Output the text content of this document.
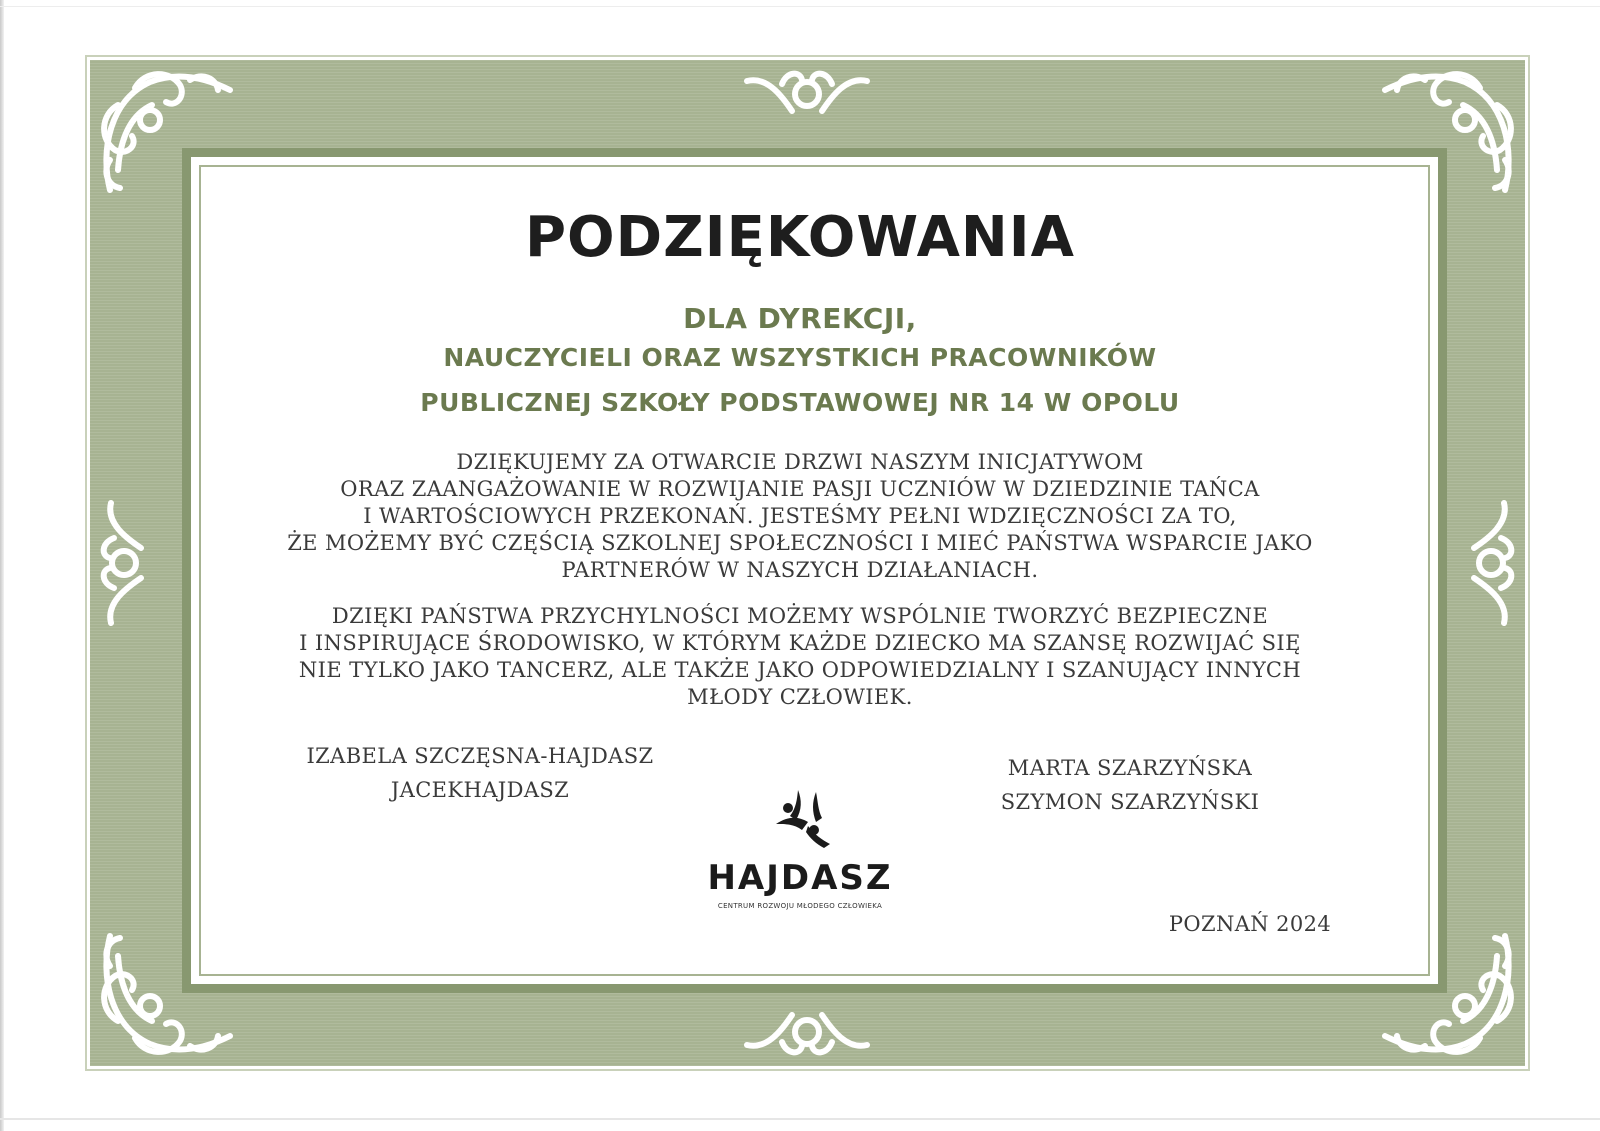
PODZIĘKOWANIA
DLA DYREKCJI,
NAUCZYCIELI ORAZ WSZYSTKICH PRACOWNIKÓW
PUBLICZNEJ SZKOŁY PODSTAWOWEJ NR 14 W OPOLU
DZIĘKUJEMY ZA OTWARCIE DRZWI NASZYM INICJATYWOM
ORAZ ZAANGAŻOWANIE W ROZWIJANIE PASJI UCZNIÓW W DZIEDZINIE TAŃCA
I WARTOŚCIOWYCH PRZEKONAŃ. JESTEŚMY PEŁNI WDZIĘCZNOŚCI ZA TO,
ŻE MOŻEMY BYĆ CZĘŚCIĄ SZKOLNEJ SPOŁECZNOŚCI I MIEĆ PAŃSTWA WSPARCIE JAKO
PARTNERÓW W NASZYCH DZIAŁANIACH.
DZIĘKI PAŃSTWA PRZYCHYLNOŚCI MOŻEMY WSPÓLNIE TWORZYĆ BEZPIECZNE
I INSPIRUJĄCE ŚRODOWISKO, W KTÓRYM KAŻDE DZIECKO MA SZANSĘ ROZWIJAĆ SIĘ
NIE TYLKO JAKO TANCERZ, ALE TAKŻE JAKO ODPOWIEDZIALNY I SZANUJĄCY INNYCH
MŁODY CZŁOWIEK.
IZABELA SZCZĘSNA-HAJDASZ
JACEKHAJDASZ
MARTA SZARZYŃSKA
SZYMON SZARZYŃSKI
HAJDASZ
CENTRUM ROZWOJU MŁODEGO CZŁOWIEKA
POZNAŃ 2024
